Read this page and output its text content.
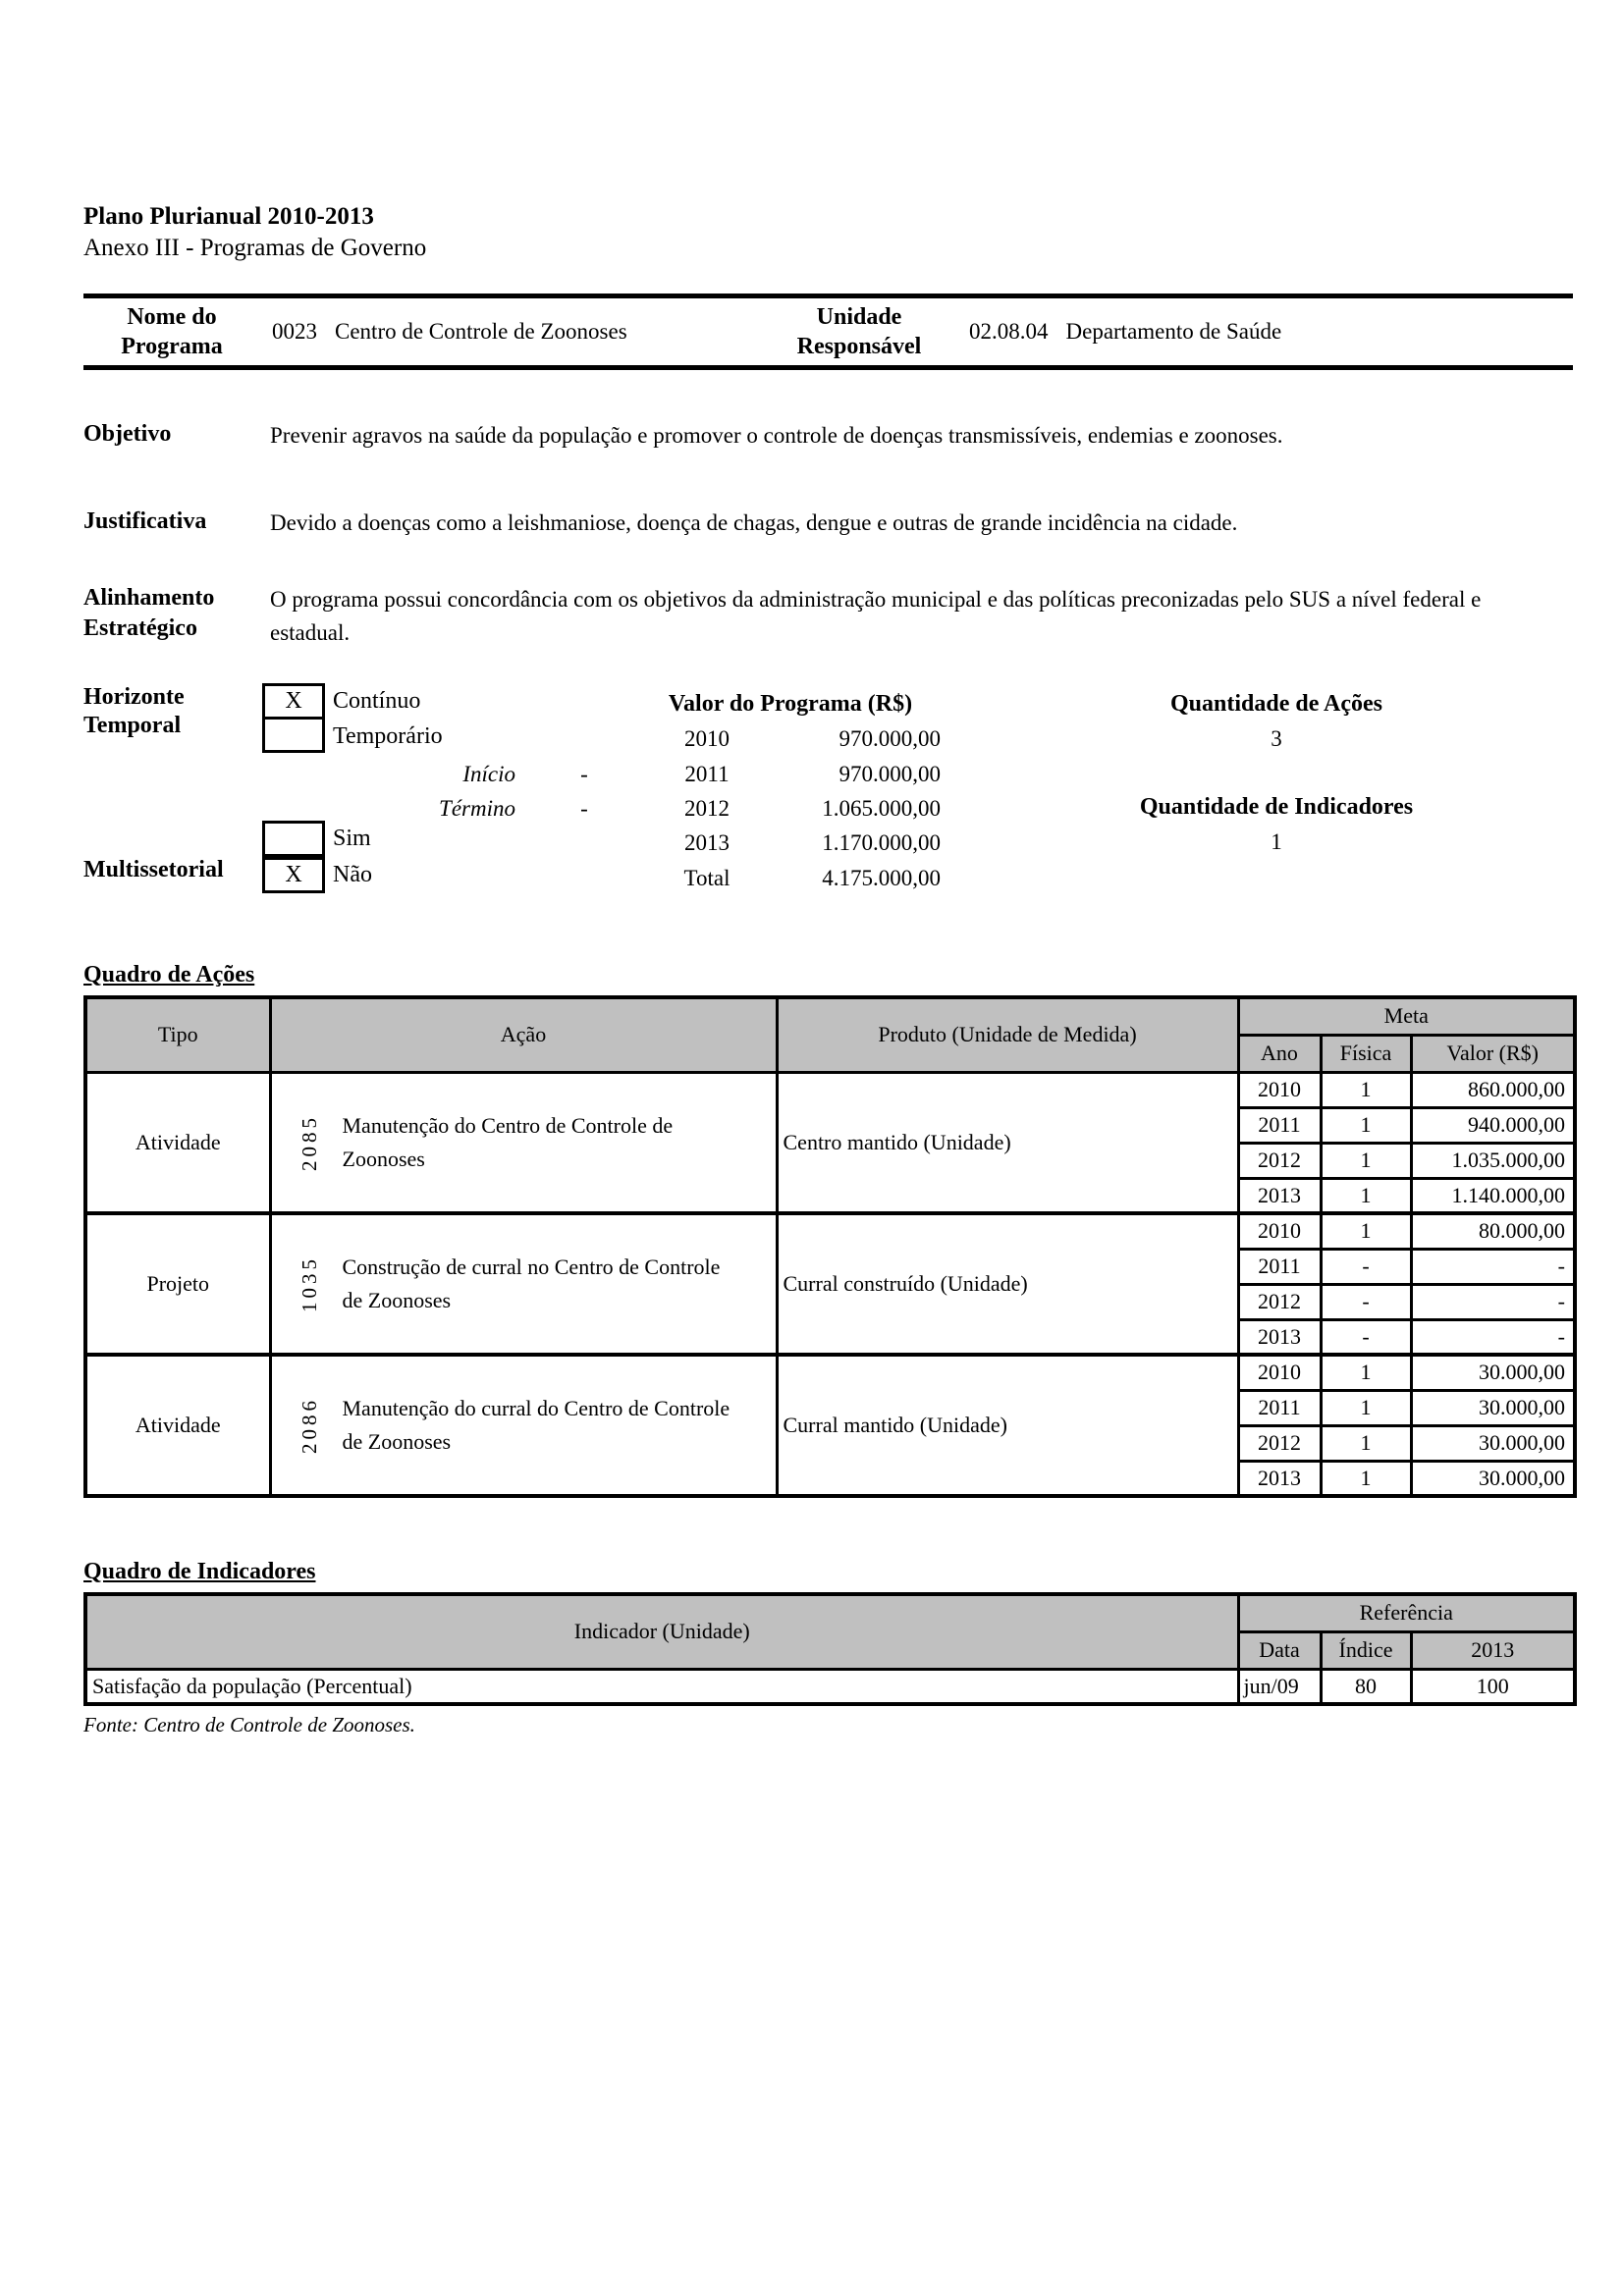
Plano Plurianual 2010-2013
Anexo III - Programas de Governo
Nome do Programa
0023 Centro de Controle de Zoonoses
Unidade Responsável
02.08.04 Departamento de Saúde
Objetivo	Prevenir agravos na saúde da população e promover o controle de doenças transmissíveis, endemias e zoonoses.
Justificativa	Devido a doenças como a leishmaniose, doença de chagas, dengue e outras de grande incidência na cidade.
Alinhamento Estratégico
O programa possui concordância com os objetivos da administração municipal e das políticas preconizadas pelo SUS a nível federal e estadual.
Horizonte Temporal
X	Contínuo
Temporário
Início	-
Término	-
Multissetorial
Sim
X	Não
Valor do Programa (R$)
2010	970.000,00
2011	970.000,00
2012	1.065.000,00
2013	1.170.000,00
Total	4.175.000,00
Quantidade de Ações
3
Quantidade de Indicadores
1
Quadro de Ações
Tipo	Ação	Produto (Unidade de Medida)	Meta		
			Ano	Física	Valor (R$)
Atividade	2085 Manutenção do Centro de Controle de Zoonoses	Centro mantido (Unidade)	2010	1	860.000,00
			2011	1	940.000,00
			2012	1	1.035.000,00
			2013	1	1.140.000,00
Projeto	1035 Construção de curral no Centro de Controle de Zoonoses	Curral construído (Unidade)	2010	1	80.000,00
			2011	-	-
			2012	-	-
			2013	-	-
Atividade	2086 Manutenção do curral do Centro de Controle de Zoonoses	Curral mantido (Unidade)	2010	1	30.000,00
			2011	1	30.000,00
			2012	1	30.000,00
			2013	1	30.000,00
Quadro de Indicadores
Indicador (Unidade)	Referência		
	Data	Índice	2013
Satisfação da população (Percentual)	jun/09	80	100
Fonte: Centro de Controle de Zoonoses.
